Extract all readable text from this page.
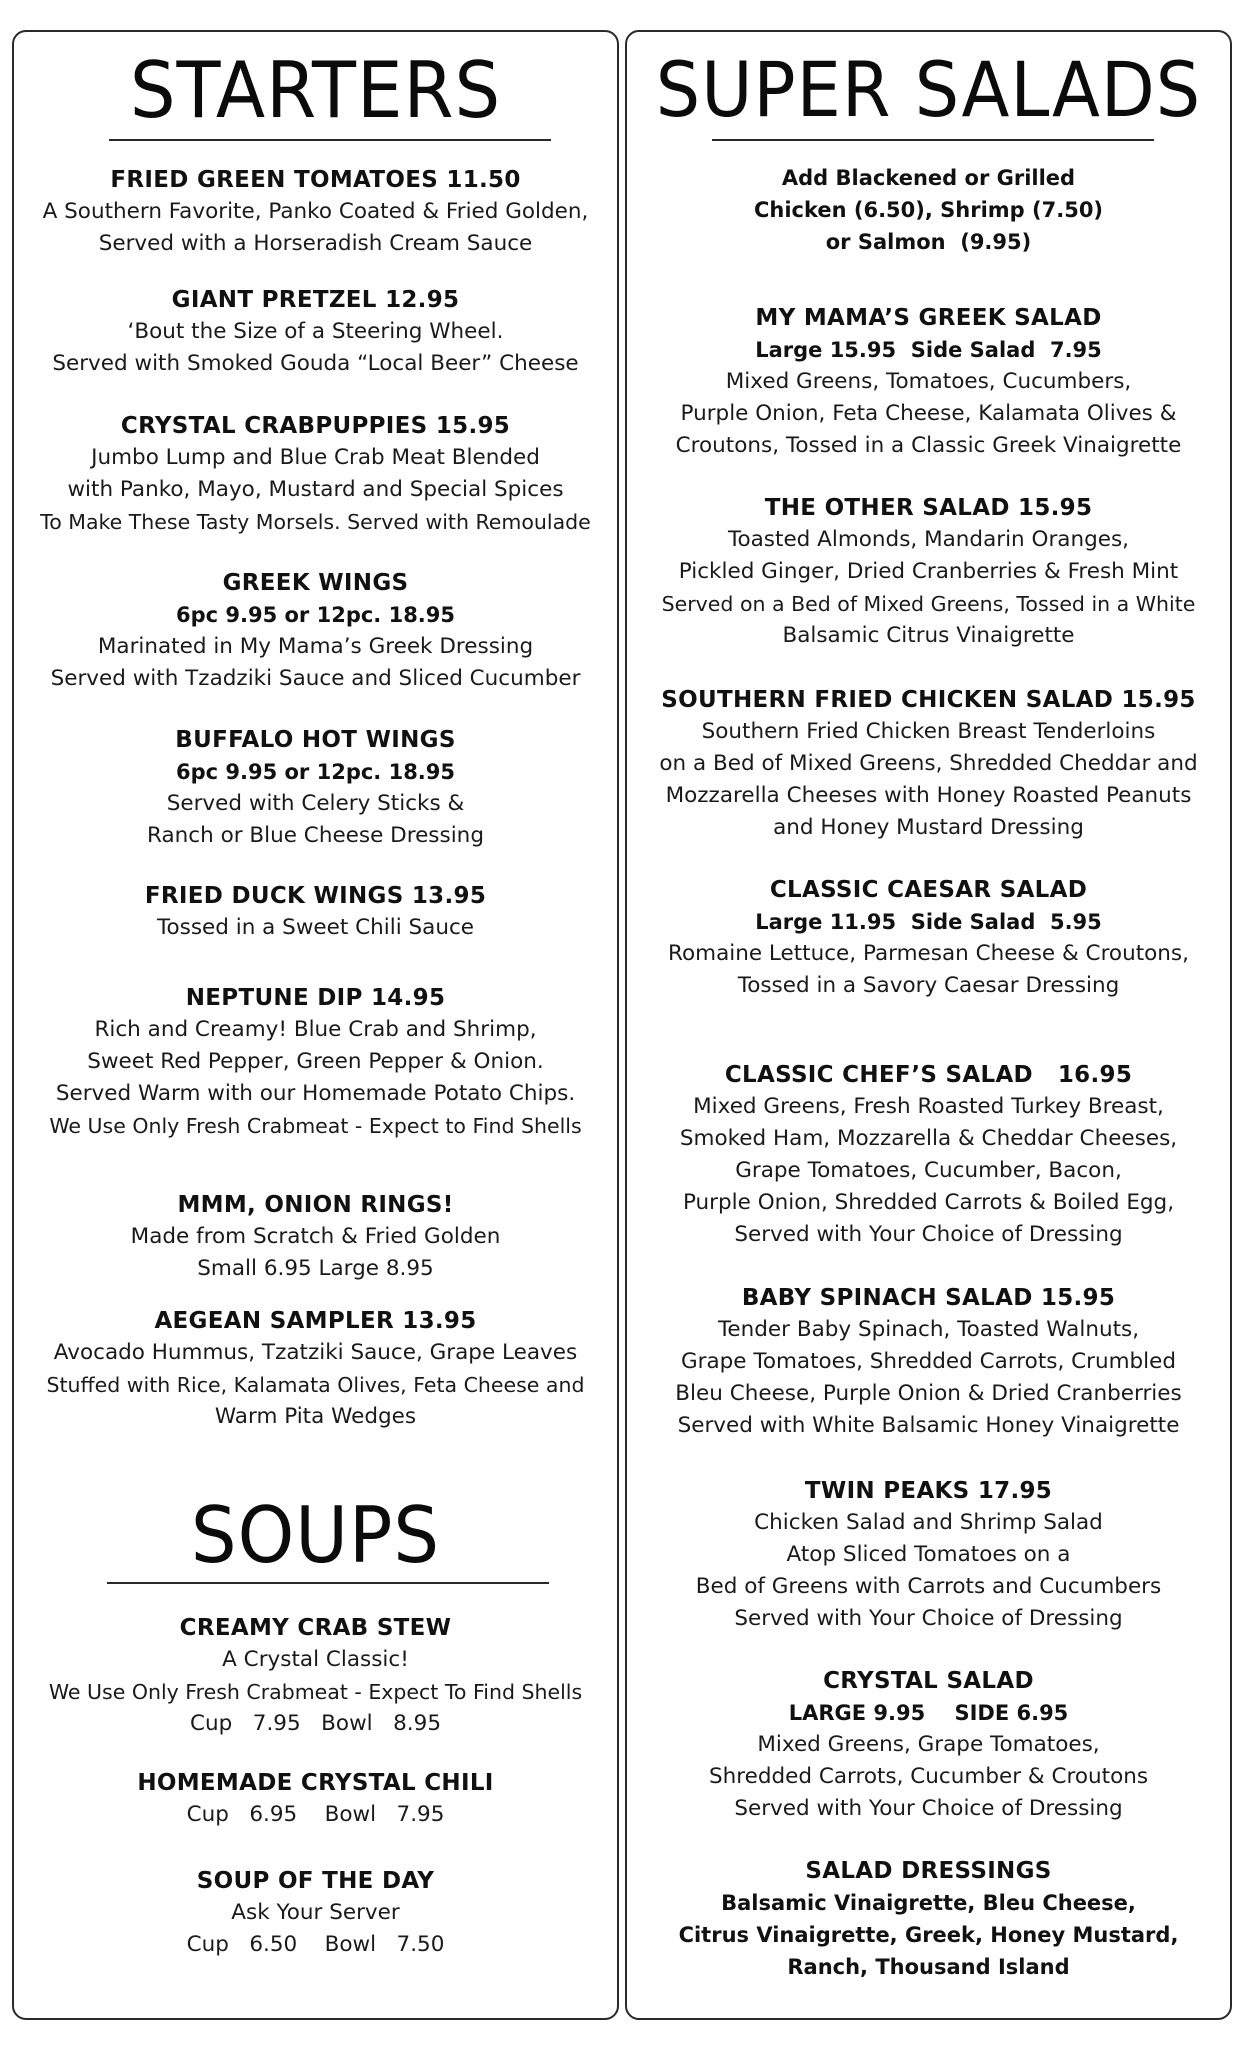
STARTERS
FRIED GREEN TOMATOES 11.50
A Southern Favorite, Panko Coated & Fried Golden,
Served with a Horseradish Cream Sauce
GIANT PRETZEL 12.95
‘Bout the Size of a Steering Wheel.
Served with Smoked Gouda “Local Beer” Cheese
CRYSTAL CRABPUPPIES 15.95
Jumbo Lump and Blue Crab Meat Blended
with Panko, Mayo, Mustard and Special Spices
To Make These Tasty Morsels. Served with Remoulade
GREEK WINGS
6pc 9.95 or 12pc. 18.95
Marinated in My Mama’s Greek Dressing
Served with Tzadziki Sauce and Sliced Cucumber
BUFFALO HOT WINGS
6pc 9.95 or 12pc. 18.95
Served with Celery Sticks &
Ranch or Blue Cheese Dressing
FRIED DUCK WINGS 13.95
Tossed in a Sweet Chili Sauce
NEPTUNE DIP 14.95
Rich and Creamy! Blue Crab and Shrimp,
Sweet Red Pepper, Green Pepper & Onion.
Served Warm with our Homemade Potato Chips.
We Use Only Fresh Crabmeat - Expect to Find Shells
MMM, ONION RINGS!
Made from Scratch & Fried Golden
Small 6.95 Large 8.95
AEGEAN SAMPLER 13.95
Avocado Hummus, Tzatziki Sauce, Grape Leaves
Stuffed with Rice, Kalamata Olives, Feta Cheese and
Warm Pita Wedges
SOUPS
CREAMY CRAB STEW
A Crystal Classic!
We Use Only Fresh Crabmeat - Expect To Find Shells
Cup   7.95   Bowl   8.95
HOMEMADE CRYSTAL CHILI
Cup   6.95    Bowl   7.95
SOUP OF THE DAY
Ask Your Server
Cup   6.50    Bowl   7.50
SUPER SALADS
Add Blackened or Grilled
Chicken (6.50), Shrimp (7.50)
or Salmon  (9.95)
MY MAMA’S GREEK SALAD
Large 15.95  Side Salad  7.95
Mixed Greens, Tomatoes, Cucumbers,
Purple Onion, Feta Cheese, Kalamata Olives &
Croutons, Tossed in a Classic Greek Vinaigrette
THE OTHER SALAD 15.95
Toasted Almonds, Mandarin Oranges,
Pickled Ginger, Dried Cranberries & Fresh Mint
Served on a Bed of Mixed Greens, Tossed in a White
Balsamic Citrus Vinaigrette
SOUTHERN FRIED CHICKEN SALAD 15.95
Southern Fried Chicken Breast Tenderloins
on a Bed of Mixed Greens, Shredded Cheddar and
Mozzarella Cheeses with Honey Roasted Peanuts
and Honey Mustard Dressing
CLASSIC CAESAR SALAD
Large 11.95  Side Salad  5.95
Romaine Lettuce, Parmesan Cheese & Croutons,
Tossed in a Savory Caesar Dressing
CLASSIC CHEF’S SALAD   16.95
Mixed Greens, Fresh Roasted Turkey Breast,
Smoked Ham, Mozzarella & Cheddar Cheeses,
Grape Tomatoes, Cucumber, Bacon,
Purple Onion, Shredded Carrots & Boiled Egg,
Served with Your Choice of Dressing
BABY SPINACH SALAD 15.95
Tender Baby Spinach, Toasted Walnuts,
Grape Tomatoes, Shredded Carrots, Crumbled
Bleu Cheese, Purple Onion & Dried Cranberries
Served with White Balsamic Honey Vinaigrette
TWIN PEAKS 17.95
Chicken Salad and Shrimp Salad
Atop Sliced Tomatoes on a
Bed of Greens with Carrots and Cucumbers
Served with Your Choice of Dressing
CRYSTAL SALAD
LARGE 9.95    SIDE 6.95
Mixed Greens, Grape Tomatoes,
Shredded Carrots, Cucumber & Croutons
Served with Your Choice of Dressing
SALAD DRESSINGS
Balsamic Vinaigrette, Bleu Cheese,
Citrus Vinaigrette, Greek, Honey Mustard,
Ranch, Thousand Island
